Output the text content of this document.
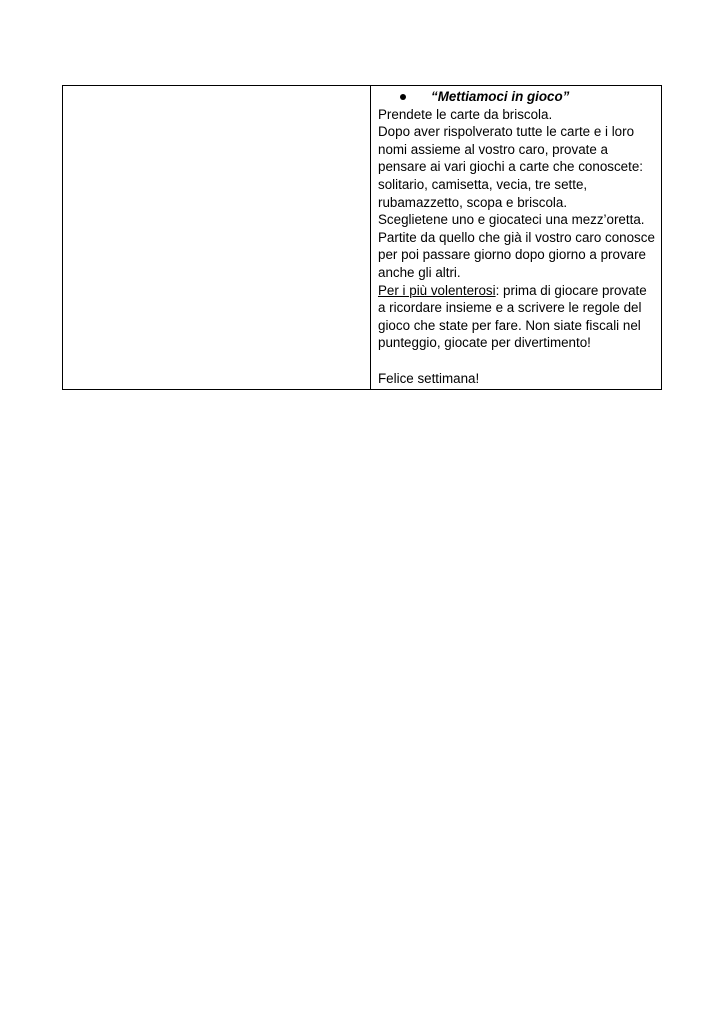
“Mettiamoci in gioco”
Prendete le carte da briscola.
Dopo aver rispolverato tutte le carte e i loro
nomi assieme al vostro caro, provate a
pensare ai vari giochi a carte che conoscete:
solitario, camisetta, vecia, tre sette,
rubamazzetto, scopa e briscola.
Sceglietene uno e giocateci una mezz’oretta.
Partite da quello che già il vostro caro conosce
per poi passare giorno dopo giorno a provare
anche gli altri.
Per i più volenterosi: prima di giocare provate
a ricordare insieme e a scrivere le regole del
gioco che state per fare. Non siate fiscali nel
punteggio, giocate per divertimento!
Felice settimana!
